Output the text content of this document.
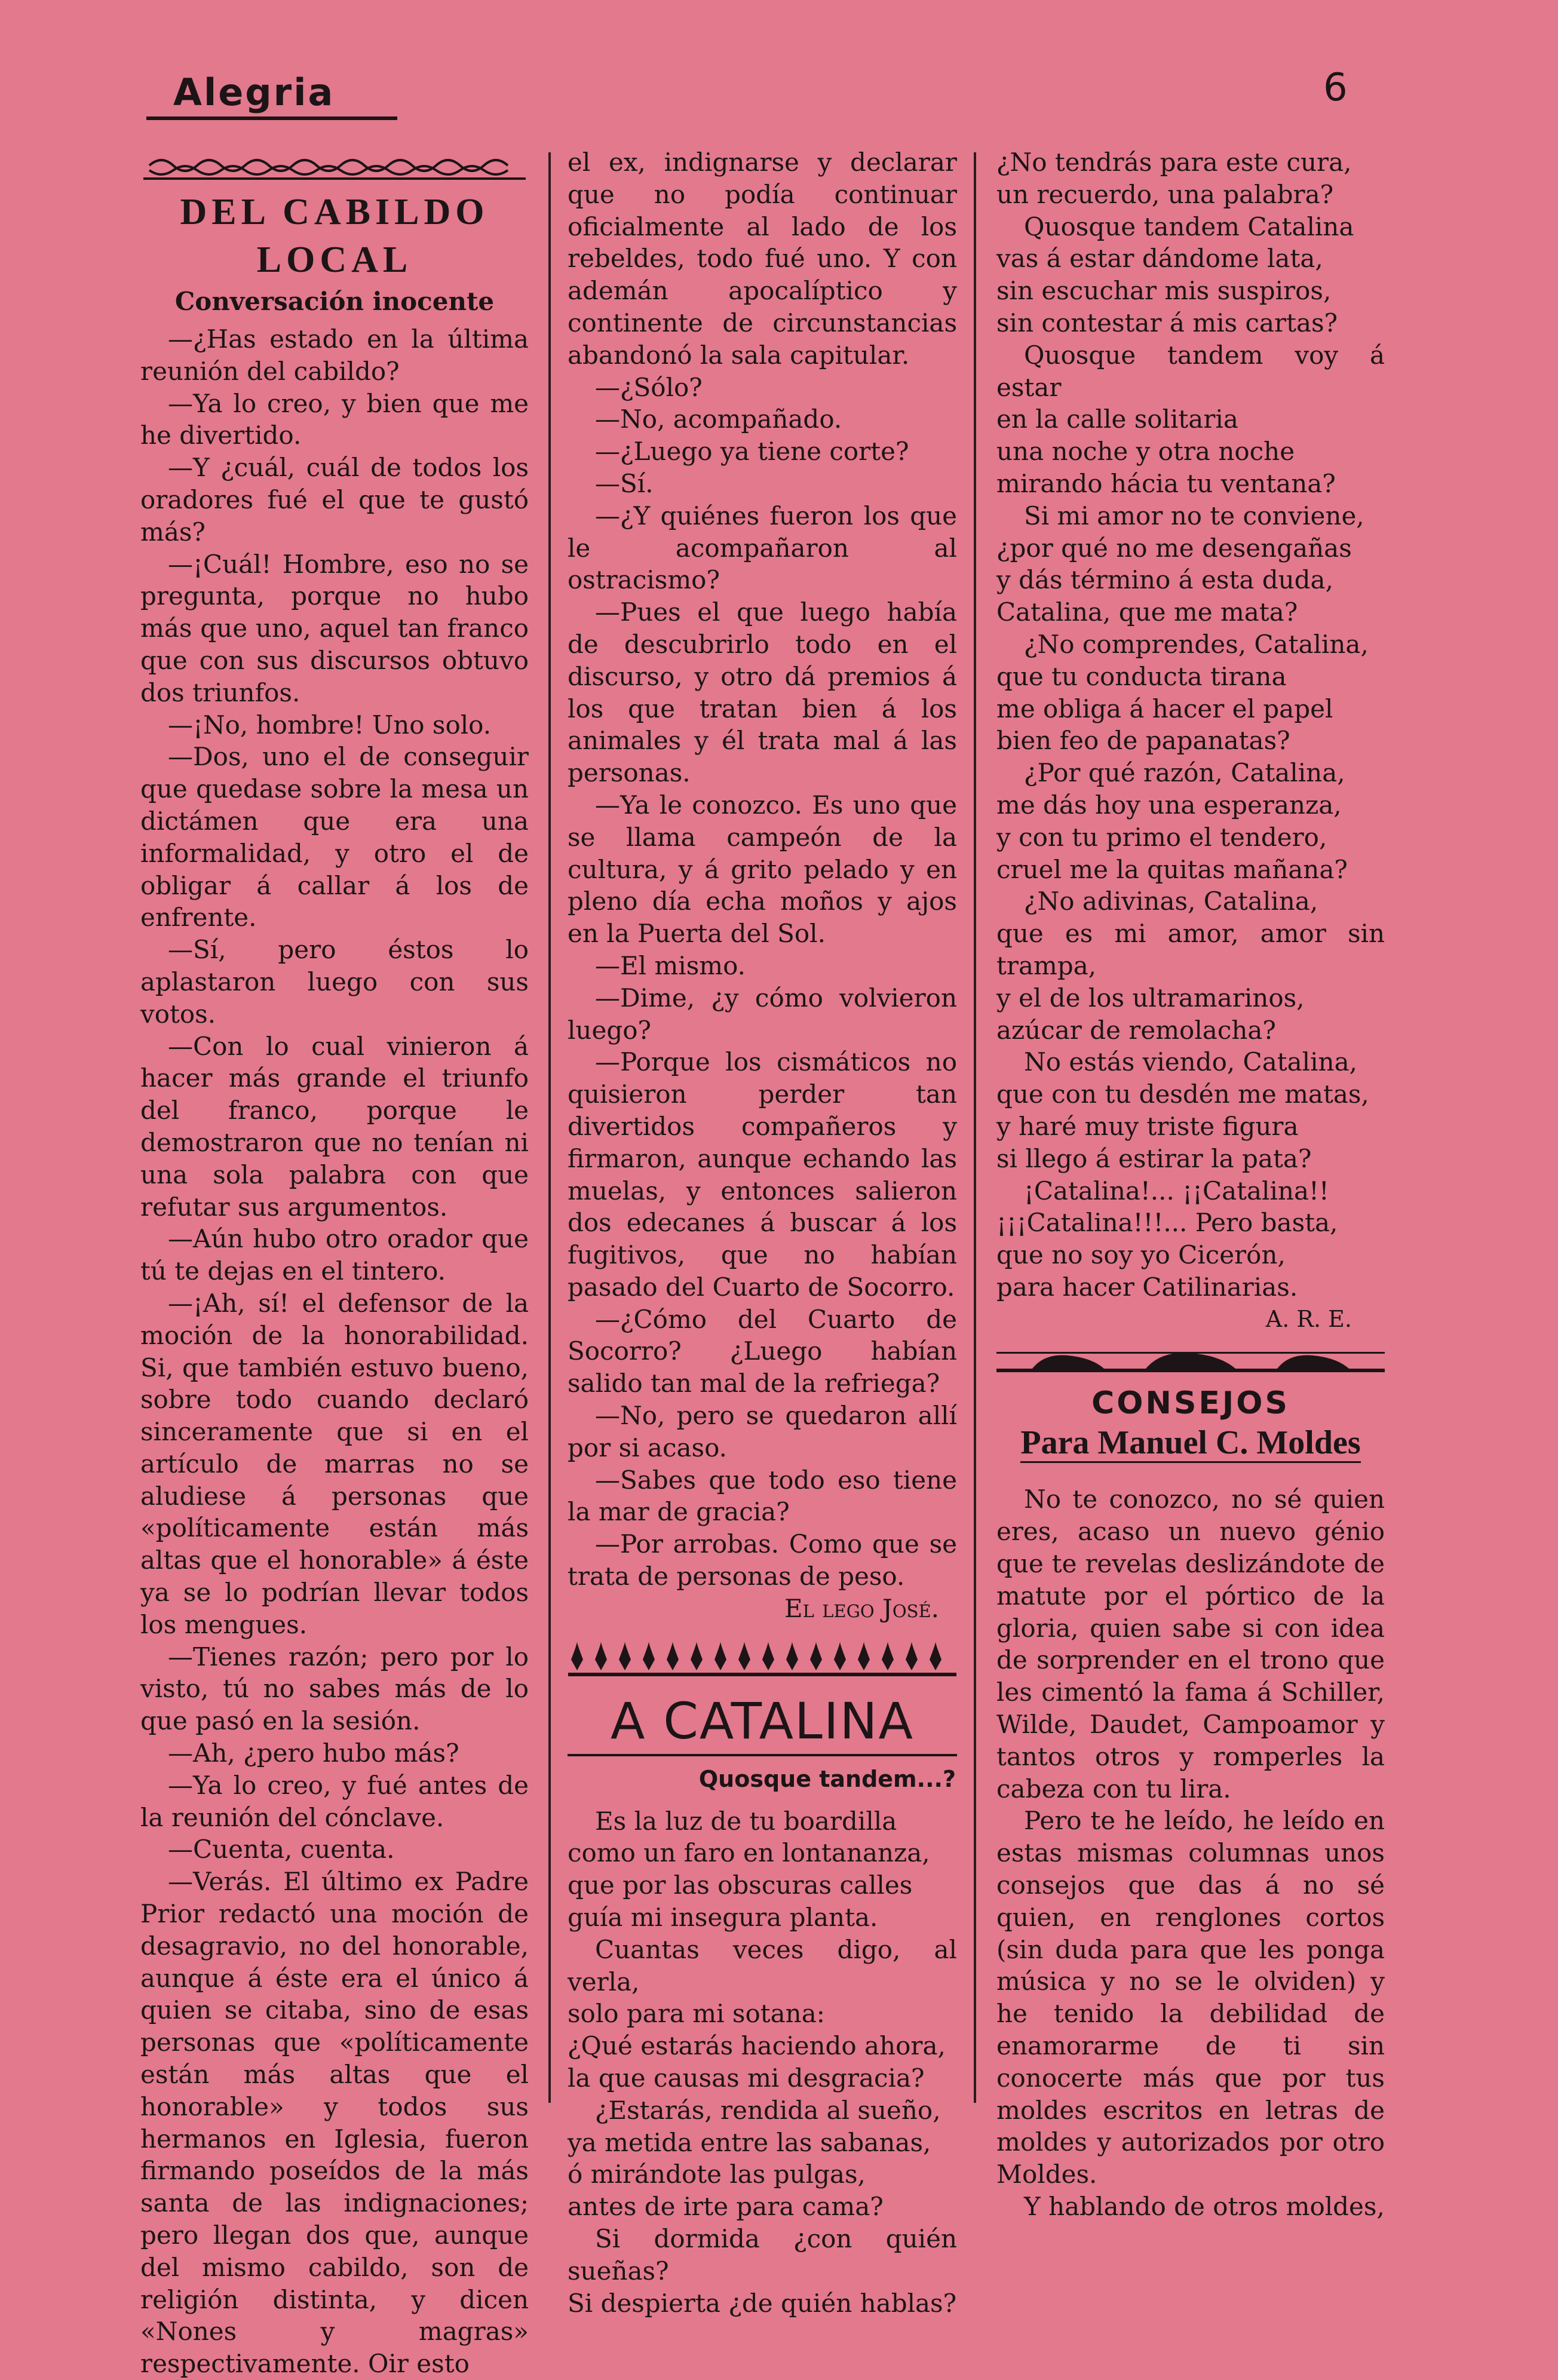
Alegria	6
DEL CABILDO LOCAL
Conversación inocente

—¿Has estado en la última reunión del cabildo?

—Ya lo creo, y bien que me he divertido.

—Y ¿cuál, cuál de todos los oradores fué el que te gustó más?

—¡Cuál! Hombre, eso no se pregunta, porque no hubo más que uno, aquel tan franco que con sus discursos obtuvo dos triunfos.

—¡No, hombre! Uno solo.

—Dos, uno el de conseguir que quedase sobre la mesa un dictámen que era una informalidad, y otro el de obligar á callar á los de enfrente.

—Sí, pero éstos lo aplastaron luego con sus votos.

—Con lo cual vinieron á hacer más grande el triunfo del franco, porque le demostraron que no tenían ni una sola palabra con que refutar sus argumentos.

—Aún hubo otro orador que tú te dejas en el tintero.

—¡Ah, sí! el defensor de la moción de la honorabilidad. Si, que también estuvo bueno, sobre todo cuando declaró sinceramente que si en el artículo de marras no se aludiese á personas que «políticamente están más altas que el honorable» á éste ya se lo podrían llevar todos los mengues.

—Tienes razón; pero por lo visto, tú no sabes más de lo que pasó en la sesión.

—Ah, ¿pero hubo más?

—Ya lo creo, y fué antes de la reunión del cónclave.

—Cuenta, cuenta.

—Verás. El último ex Padre Prior redactó una moción de desagravio, no del honorable, aunque á éste era el único á quien se citaba, sino de esas personas que «políticamente están más altas que el honorable» y todos sus hermanos en Iglesia, fueron firmando poseídos de la más santa de las indignaciones; pero llegan dos que, aunque del mismo cabildo, son de religión distinta, y dicen «Nones y magras» respectivamente. Oir esto

el ex, indignarse y declarar que no podía continuar oficialmente al lado de los rebeldes, todo fué uno. Y con ademán apocalíptico y continente de circunstancias abandonó la sala capitular.

—¿Sólo?

—No, acompañado.

—¿Luego ya tiene corte?

—Sí.

—¿Y quiénes fueron los que le acompañaron al ostracismo?

—Pues el que luego había de descubrirlo todo en el discurso, y otro dá premios á los que tratan bien á los animales y él trata mal á las personas.

—Ya le conozco. Es uno que se llama campeón de la cultura, y á grito pelado y en pleno día echa moños y ajos en la Puerta del Sol.

—El mismo.

—Dime, ¿y cómo volvieron luego?

—Porque los cismáticos no quisieron perder tan divertidos compañeros y firmaron, aunque echando las muelas, y entonces salieron dos edecanes á buscar á los fugitivos, que no habían pasado del Cuarto de Socorro.

—¿Cómo del Cuarto de Socorro? ¿Luego habían salido tan mal de la refriega?

—No, pero se quedaron allí por si acaso.

—Sabes que todo eso tiene la mar de gracia?

—Por arrobas. Como que se trata de personas de peso.

El lego José.

A CATALINA
Quosque tandem...?

Es la luz de tu boardilla

como un faro en lontananza,

que por las obscuras calles

guía mi insegura planta.

Cuantas veces digo, al verla,

solo para mi sotana:

¿Qué estarás haciendo ahora,

la que causas mi desgracia?

¿Estarás, rendida al sueño,

ya metida entre las sabanas,

ó mirándote las pulgas,

antes de irte para cama?

Si dormida ¿con quién sueñas?

Si despierta ¿de quién hablas?

¿No tendrás para este cura,

un recuerdo, una palabra?

Quosque tandem Catalina

vas á estar dándome lata,

sin escuchar mis suspiros,

sin contestar á mis cartas?

Quosque tandem voy á estar

en la calle solitaria

una noche y otra noche

mirando hácia tu ventana?

Si mi amor no te conviene,

¿por qué no me desengañas

y dás término á esta duda,

Catalina, que me mata?

¿No comprendes, Catalina,

que tu conducta tirana

me obliga á hacer el papel

bien feo de papanatas?

¿Por qué razón, Catalina,

me dás hoy una esperanza,

y con tu primo el tendero,

cruel me la quitas mañana?

¿No adivinas, Catalina,

que es mi amor, amor sin trampa,

y el de los ultramarinos,

azúcar de remolacha?

No estás viendo, Catalina,

que con tu desdén me matas,

y haré muy triste figura

si llego á estirar la pata?

¡Catalina!... ¡¡Catalina!!

¡¡¡Catalina!!!... Pero basta,

que no soy yo Cicerón,

para hacer Catilinarias.

A. R. E.

CONSEJOS
Para Manuel C. Moldes

No te conozco, no sé quien eres, acaso un nuevo génio que te revelas deslizándote de matute por el pórtico de la gloria, quien sabe si con idea de sorprender en el trono que les cimentó la fama á Schiller, Wilde, Daudet, Campoamor y tantos otros y romperles la cabeza con tu lira.

Pero te he leído, he leído en estas mismas columnas unos consejos que das á no sé quien, en renglones cortos (sin duda para que les ponga música y no se le olviden) y he tenido la debilidad de enamorarme de ti sin conocerte más que por tus moldes escritos en letras de moldes y autorizados por otro Moldes.

Y hablando de otros moldes,
